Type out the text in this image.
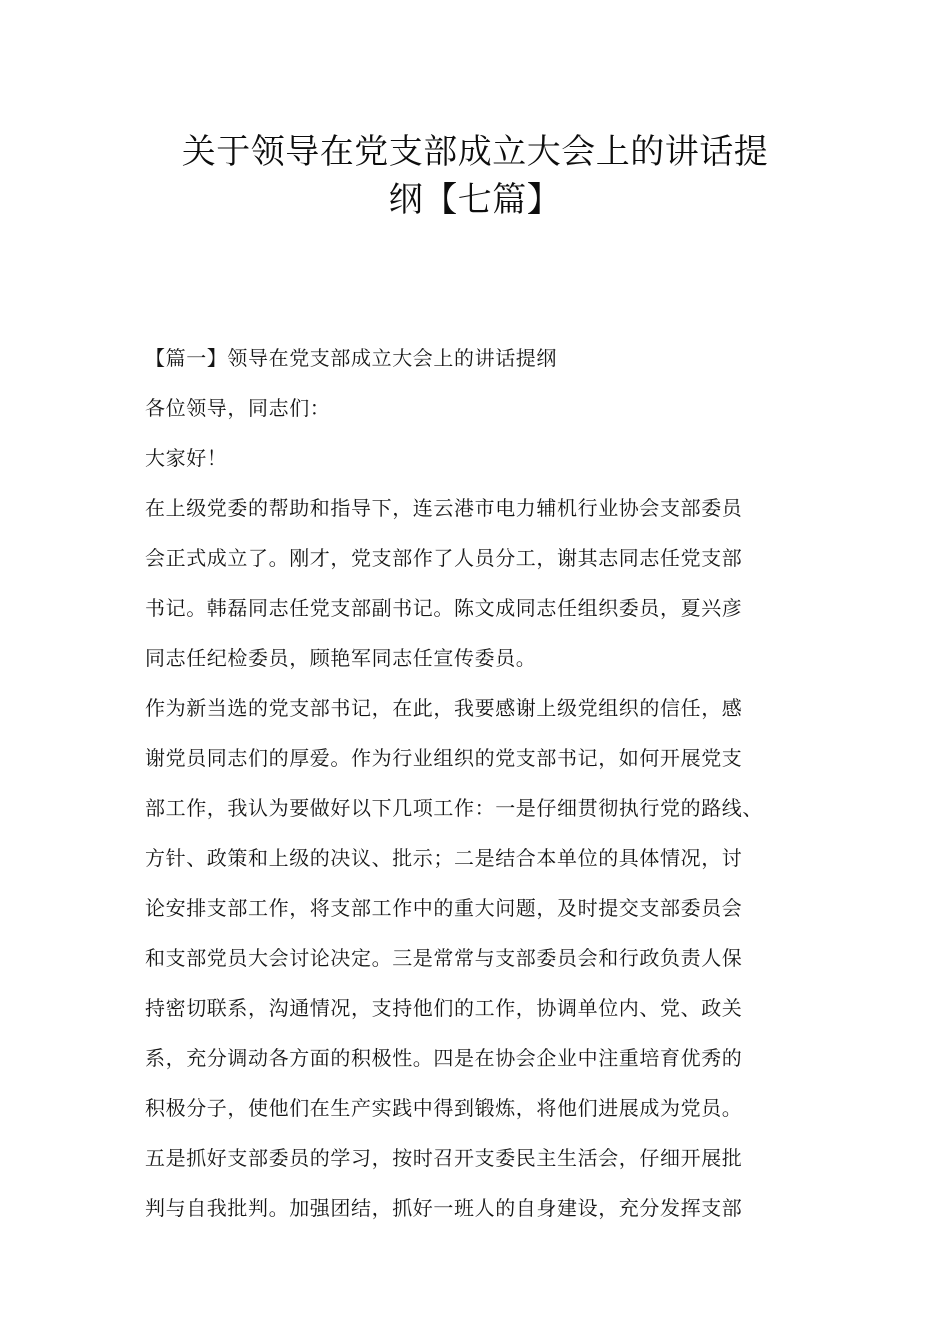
关于领导在党支部成立大会上的讲话提
纲【七篇】
【篇一】领导在党支部成立大会上的讲话提纲
各位领导，同志们：
大家好！
在上级党委的帮助和指导下，连云港市电力辅机行业协会支部委员
会正式成立了。刚才，党支部作了人员分工，谢其志同志任党支部
书记。韩磊同志任党支部副书记。陈文成同志任组织委员，夏兴彦
同志任纪检委员，顾艳军同志任宣传委员。
作为新当选的党支部书记，在此，我要感谢上级党组织的信任，感
谢党员同志们的厚爱。作为行业组织的党支部书记，如何开展党支
部工作，我认为要做好以下几项工作：一是仔细贯彻执行党的路线、
方针、政策和上级的决议、批示；二是结合本单位的具体情况，讨
论安排支部工作，将支部工作中的重大问题，及时提交支部委员会
和支部党员大会讨论决定。三是常常与支部委员会和行政负责人保
持密切联系，沟通情况，支持他们的工作，协调单位内、党、政关
系，充分调动各方面的积极性。四是在协会企业中注重培育优秀的
积极分子，使他们在生产实践中得到锻炼，将他们进展成为党员。
五是抓好支部委员的学习，按时召开支委民主生活会，仔细开展批
判与自我批判。加强团结，抓好一班人的自身建设，充分发挥支部
